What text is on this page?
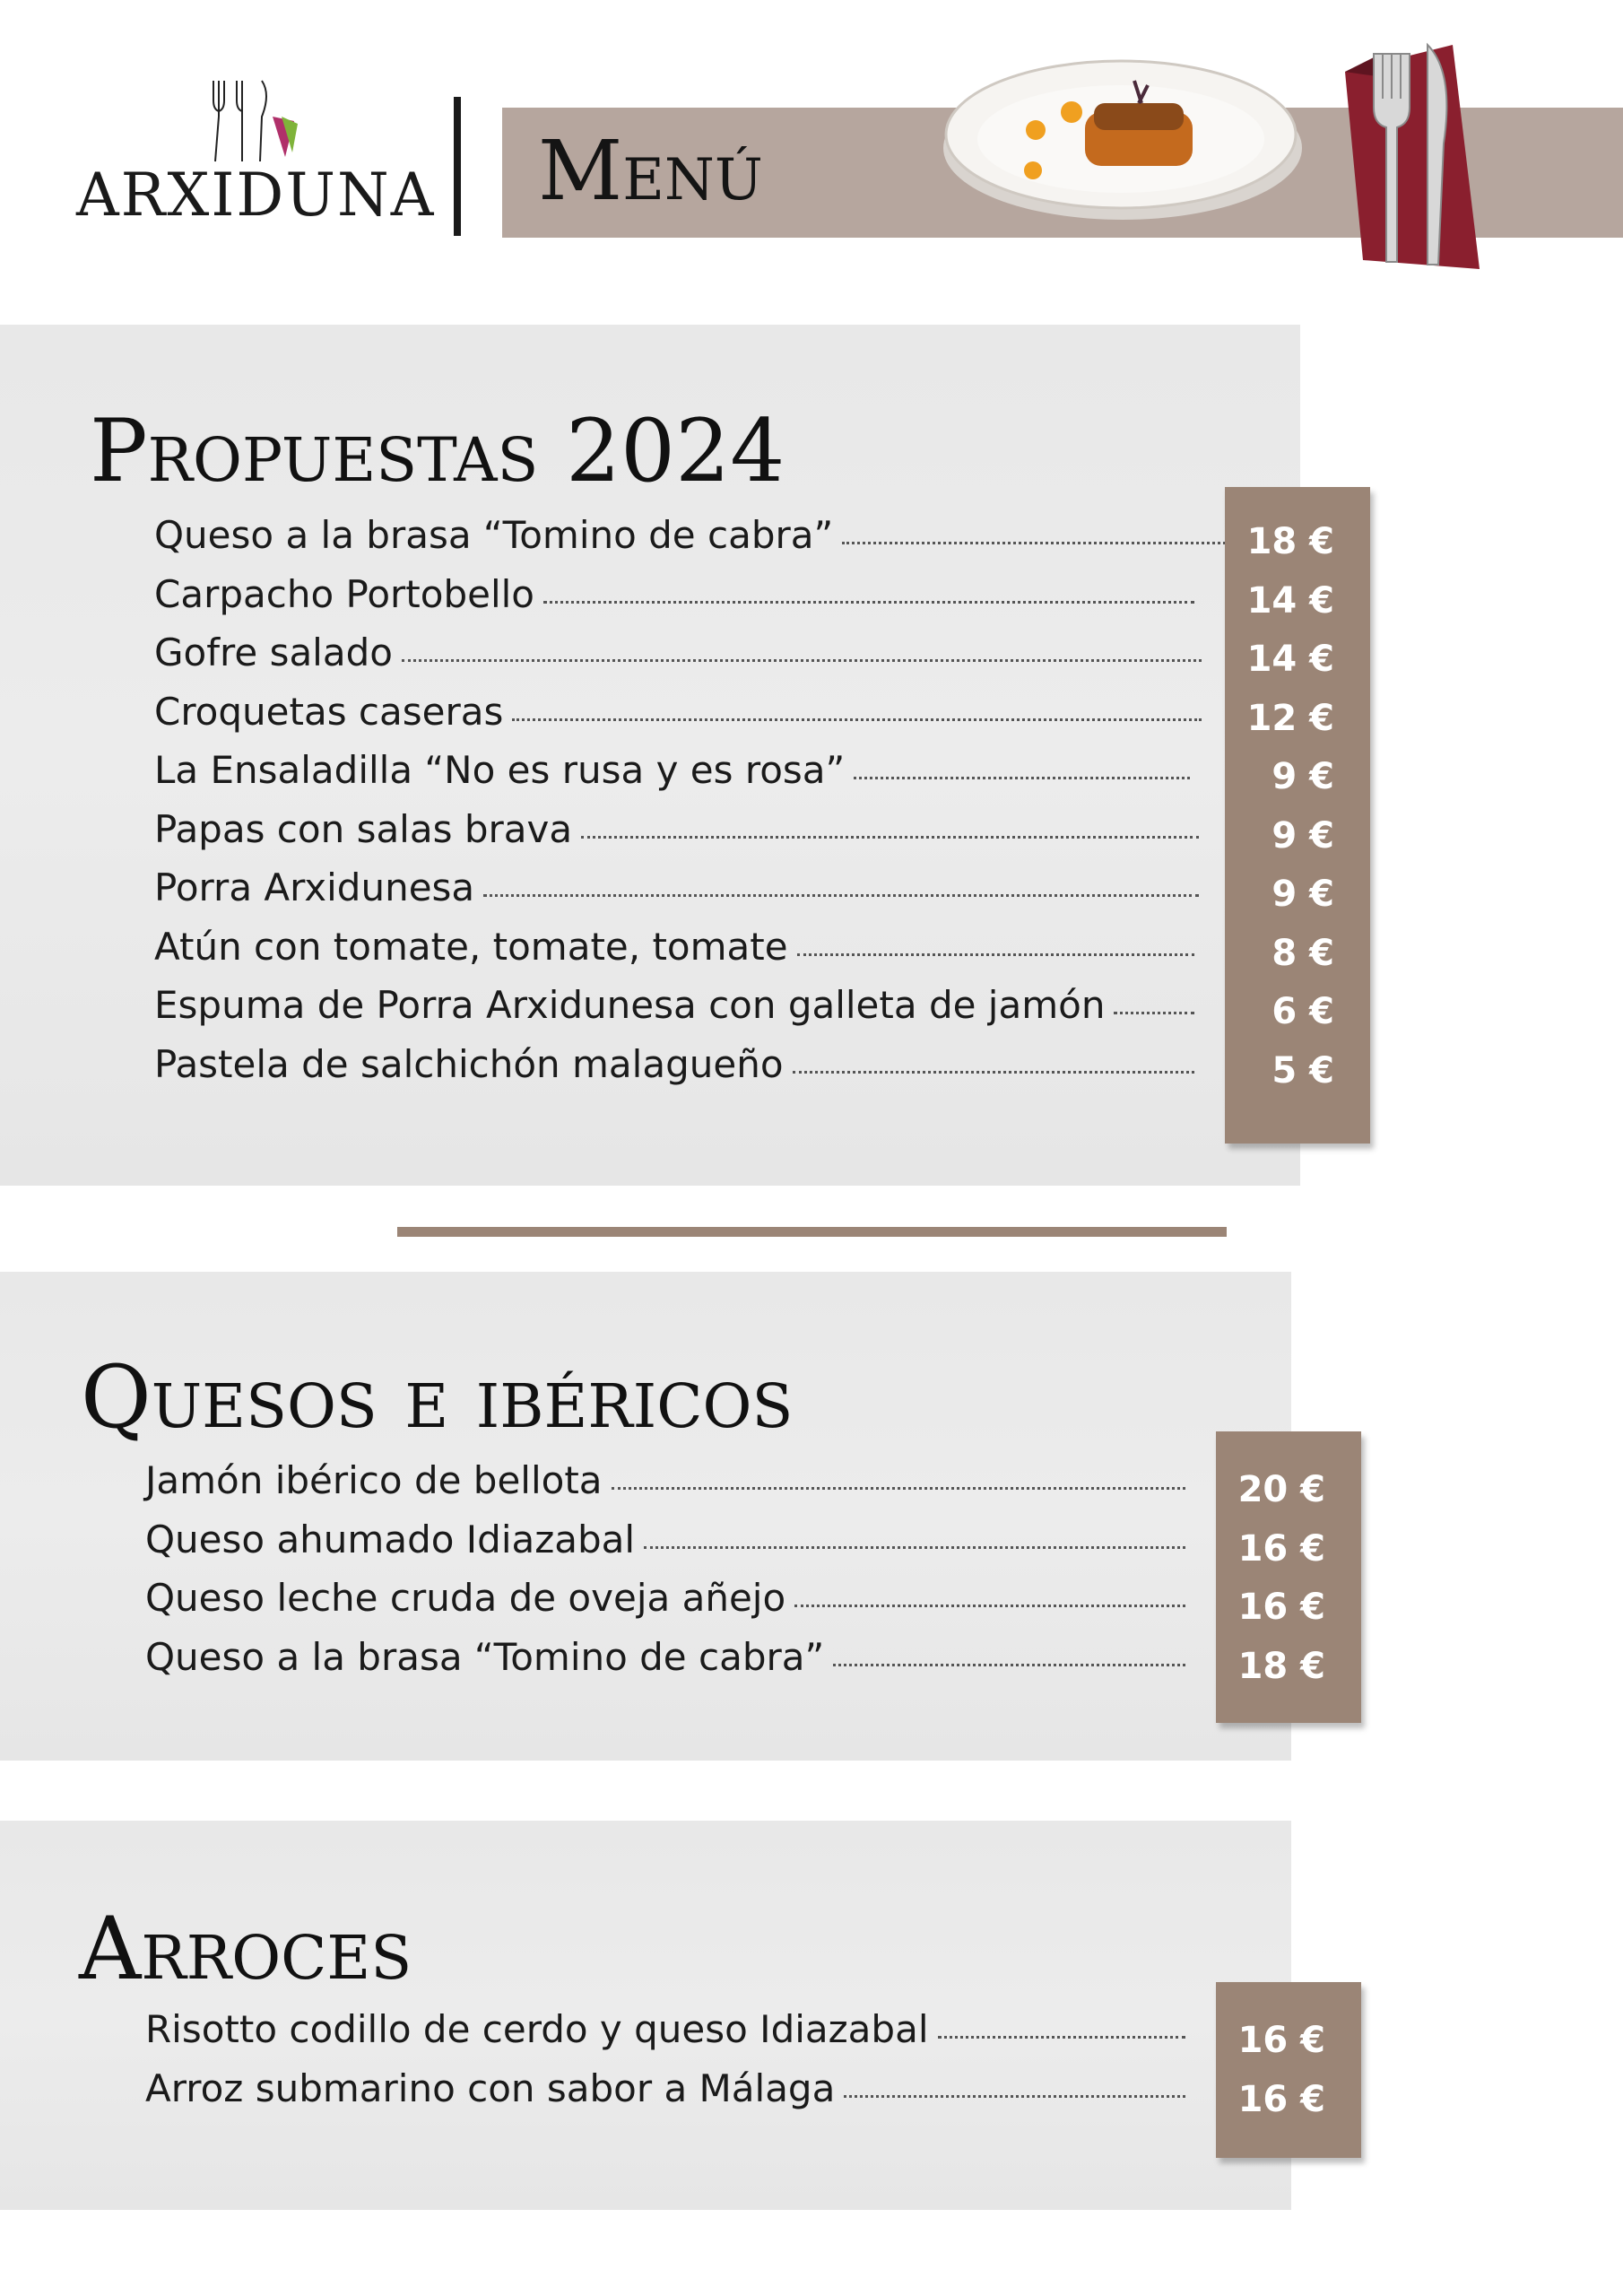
ARXIDUNA Menú
Propuestas 2024
Queso a la brasa “Tomino de cabra”
Carpacho Portobello
Gofre salado
Croquetas caseras
La Ensaladilla “No es rusa y es rosa”
Papas con salas brava
Porra Arxidunesa
Atún con tomate, tomate, tomate
Espuma de Porra Arxidunesa con galleta de jamón
Pastela de salchichón malagueño
18 €
14 €
14 €
12 €
9 €
9 €
9 €
8 €
6 €
5 €
Quesos e ibéricos
Jamón ibérico de bellota
Queso ahumado Idiazabal
Queso leche cruda de oveja añejo
Queso a la brasa “Tomino de cabra”
20 €
16 €
16 €
18 €
Arroces
Risotto codillo de cerdo y queso Idiazabal
Arroz submarino con sabor a Málaga
16 €
16 €
